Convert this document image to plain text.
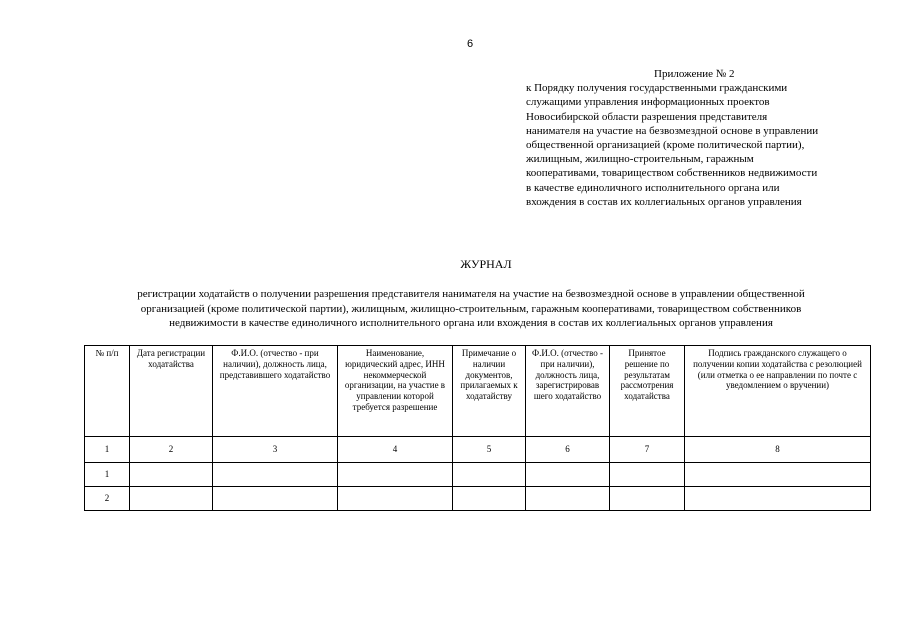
6
Приложение № 2
к Порядку получения государственными гражданскими
служащими управления информационных проектов
Новосибирской области разрешения представителя
нанимателя на участие на безвозмездной основе в управлении
общественной организацией (кроме политической партии),
жилищным, жилищно-строительным, гаражным
кооперативами, товариществом собственников недвижимости
в качестве единоличного исполнительного органа или
вхождения в состав их коллегиальных органов управления
ЖУРНАЛ
регистрации ходатайств о получении разрешения представителя нанимателя на участие на безвозмездной основе в управлении общественной
организацией (кроме политической партии), жилищным, жилищно-строительным, гаражным кооперативами, товариществом собственников
недвижимости в качестве единоличного исполнительного органа или вхождения в состав их коллегиальных органов управления
№ п/п	Дата регистрации ходатайства	Ф.И.О. (отчество - при наличии), должность лица, представившего ходатайство	Наименование, юридический адрес, ИНН некоммерческой организации, на участие в управлении которой требуется разрешение	Примечание о наличии документов, прилагаемых к ходатайству	Ф.И.О. (отчество - при наличии), должность лица, зарегистрировав шего ходатайство	Принятое решение по результатам рассмотрения ходатайства	Подпись гражданского служащего о получении копии ходатайства с резолюцией (или отметка о ее направлении по почте с уведомлением о вручении)
1	2	3	4	5	6	7	8
1							
2							
